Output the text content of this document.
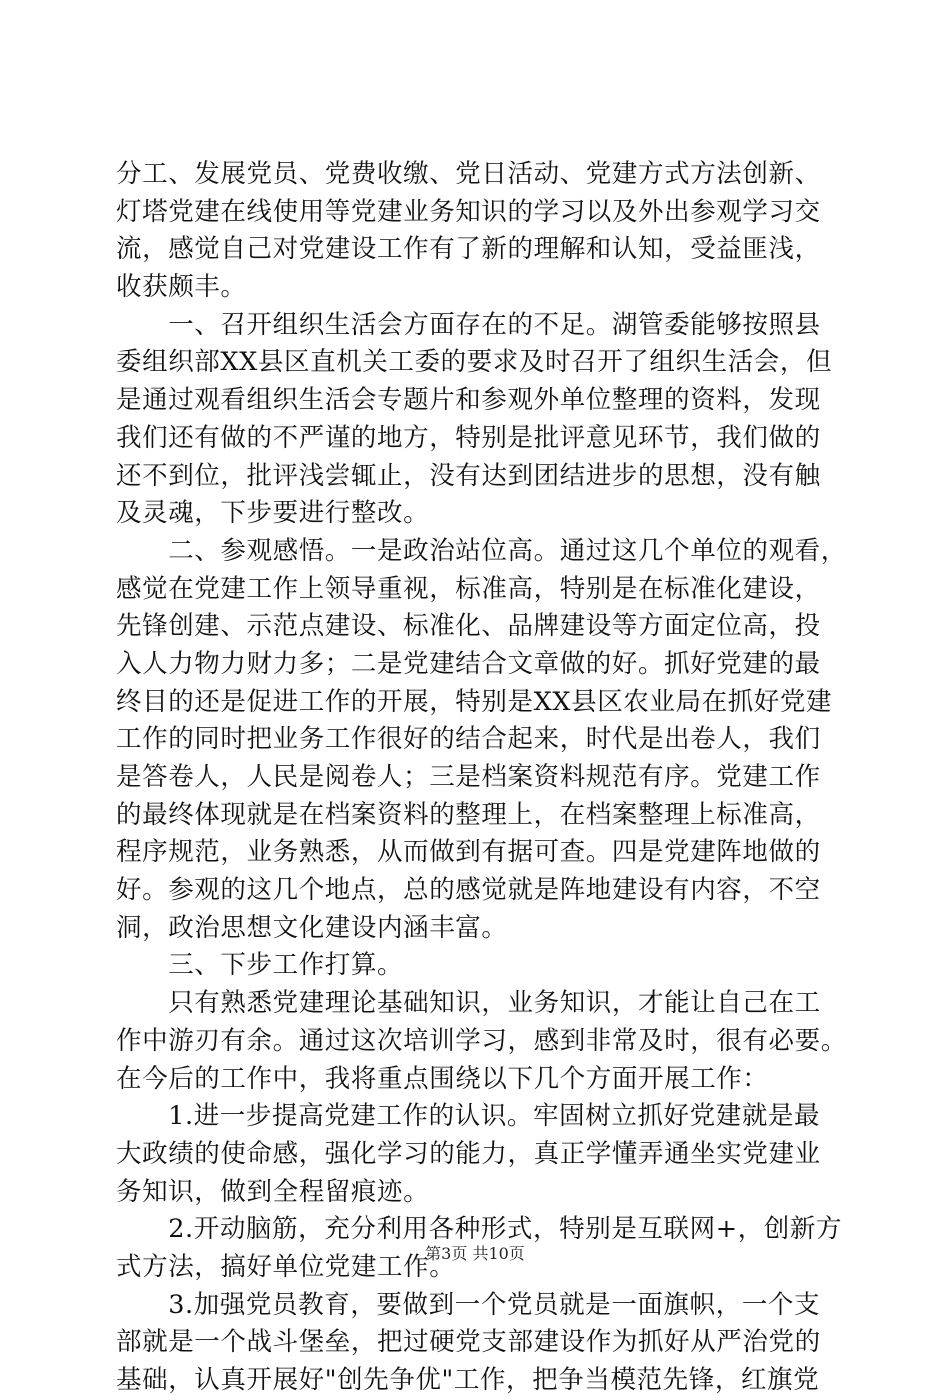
分工、发展党员、党费收缴、党日活动、党建方式方法创新、
灯塔党建在线使用等党建业务知识的学习以及外出参观学习交
流，感觉自己对党建设工作有了新的理解和认知，受益匪浅，
收获颇丰。
　　一、召开组织生活会方面存在的不足。湖管委能够按照县
委组织部XX县区直机关工委的要求及时召开了组织生活会，但
是通过观看组织生活会专题片和参观外单位整理的资料，发现
我们还有做的不严谨的地方，特别是批评意见环节，我们做的
还不到位，批评浅尝辄止，没有达到团结进步的思想，没有触
及灵魂，下步要进行整改。
　　二、参观感悟。一是政治站位高。通过这几个单位的观看，
感觉在党建工作上领导重视，标准高，特别是在标准化建设，
先锋创建、示范点建设、标准化、品牌建设等方面定位高，投
入人力物力财力多；二是党建结合文章做的好。抓好党建的最
终目的还是促进工作的开展，特别是XX县区农业局在抓好党建
工作的同时把业务工作很好的结合起来，时代是出卷人，我们
是答卷人，人民是阅卷人；三是档案资料规范有序。党建工作
的最终体现就是在档案资料的整理上，在档案整理上标准高，
程序规范，业务熟悉，从而做到有据可查。四是党建阵地做的
好。参观的这几个地点，总的感觉就是阵地建设有内容，不空
洞，政治思想文化建设内涵丰富。
　　三、下步工作打算。
　　只有熟悉党建理论基础知识，业务知识，才能让自己在工
作中游刃有余。通过这次培训学习，感到非常及时，很有必要。
在今后的工作中，我将重点围绕以下几个方面开展工作：
　　1.进一步提高党建工作的认识。牢固树立抓好党建就是最
大政绩的使命感，强化学习的能力，真正学懂弄通坐实党建业
务知识，做到全程留痕迹。
　　2.开动脑筋，充分利用各种形式，特别是互联网+，创新方
式方法，搞好单位党建工作。
　　3.加强党员教育，要做到一个党员就是一面旗帜，一个支
部就是一个战斗堡垒，把过硬党支部建设作为抓好从严治党的
基础，认真开展好"创先争优"工作，把争当模范先锋，红旗党
第3页 共10页
